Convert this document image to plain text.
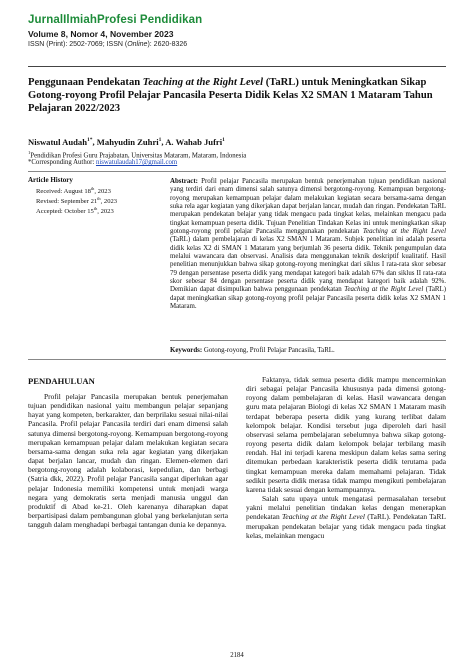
JurnalIlmiahProfesi Pendidikan
Volume 8, Nomor 4, November 2023
ISSN (Print): 2502-7069; ISSN (Online): 2620-8326
Penggunaan Pendekatan Teaching at the Right Level (TaRL) untuk Meningkatkan Sikap Gotong-royong Profil Pelajar Pancasila Peserta Didik Kelas X2 SMAN 1 Mataram Tahun Pelajaran 2022/2023
Niswatul Audah$^{1*}$, Mahyudin Zuhri$^1$, A. Wahab Jufri$^1$
$^1$Pendidikan Profesi Guru Prajabatan, Universitas Mataram, Mataram, Indonesia
*Corresponding Author: niswatulaudah17@gmail.com
Article History
Received: August 18th, 2023
Revised: September 21th, 2023
Accepted: October 15th, 2023
Abstract: Profil pelajar Pancasila merupakan bentuk penerjemahan tujuan pendidikan nasional yang terdiri dari enam dimensi salah satunya dimensi bergotong-royong. Kemampuan bergotong-royong merupakan kemampuan pelajar dalam melakukan kegiatan secara bersama-sama dengan suka rela agar kegiatan yang dikerjakan dapat berjalan lancar, mudah dan ringan. Pendekatan TaRL merupakan pendekatan belajar yang tidak mengacu pada tingkat kelas, melainkan mengacu pada tingkat kemampuan peserta didik. Tujuan Penelitian Tindakan Kelas ini untuk meningkatkan sikap gotong-royong profil pelajar Pancasila menggunakan pendekatan Teaching at the Right Level (TaRL) dalam pembelajaran di kelas X2 SMAN 1 Mataram. Subjek penelitian ini adalah peserta didik kelas X2 di SMAN 1 Mataram yang berjumlah 36 peserta didik. Teknik pengumpulan data melalui wawancara dan observasi. Analisis data menggunakan teknik deskriptif kualitatif. Hasil penelitian menunjukkan bahwa sikap gotong-royong meningkat dari siklus I rata-rata skor sebesar 79 dengan persentase peserta didik yang mendapat kategori baik adalah 67% dan siklus II rata-rata skor sebesar 84 dengan persentase peserta didik yang mendapat kategori baik adalah 92%. Demikian dapat disimpulkan bahwa penggunaan pendekatan Teaching at the Right Level (TaRL) dapat meningkatkan sikap gotong-royong profil pelajar Pancasila peserta didik kelas X2 SMAN 1 Mataram.
Keywords: Gotong-royong, Profil Pelajar Pancasila, TaRL.
PENDAHULUAN

Profil pelajar Pancasila merupakan bentuk penerjemahan tujuan pendidikan nasional yaitu membangun pelajar sepanjang hayat yang kompeten, berkarakter, dan berprilaku sesuai nilai-nilai Pancasila. Profil pelajar Pancasila terdiri dari enam dimensi salah satunya dimensi bergotong-royong. Kemampuan bergotong-royong merupakan kemampuan pelajar dalam melakukan kegiatan secara bersama-sama dengan suka rela agar kegiatan yang dikerjakan dapat berjalan lancar, mudah dan ringan. Elemen-elemen dari bergotong-royong adalah kolaborasi, kepedulian, dan berbagi (Satria dkk, 2022). Profil pelajar Pancasila sangat diperlukan agar pelajar Indonesia memiliki kompetensi untuk menjadi warga negara yang demokratis serta menjadi manusia unggul dan produktif di Abad ke-21. Oleh karenanya diharapkan dapat berpartisipasi dalam pembangunan global yang berkelanjutan serta tangguh dalam menghadapi berbagai tantangan dunia ke depannya.

Faktanya, tidak semua peserta didik mampu mencerminkan diri sebagai pelajar Pancasila khususnya pada dimensi gotong-royong dalam pembelajaran di kelas. Hasil wawancara dengan guru mata pelajaran Biologi di kelas X2 SMAN 1 Mataram masih terdapat beberapa peserta didik yang kurang terlibat dalam kelompok belajar. Kondisi tersebut juga diperoleh dari hasil observasi selama pembelajaran sebelumnya bahwa sikap gotong-royong peserta didik dalam kelompok belajar terbilang masih rendah. Hal ini terjadi karena meskipun dalam kelas sama sering ditemukan perbedaan karakteristik peserta didik terutama pada tingkat kemampuan mereka dalam memahami pelajaran. Tidak sedikit peserta didik merasa tidak mampu mengikuti pembelajaran karena tidak sesuai dengan kemampuannya.

Salah satu upaya untuk mengatasi permasalahan tersebut yakni melalui penelitian tindakan kelas dengan menerapkan pendekatan Teaching at the Right Level (TaRL). Pendekatan TaRL merupakan pendekatan belajar yang tidak mengacu pada tingkat kelas, melainkan mengacu

2184
